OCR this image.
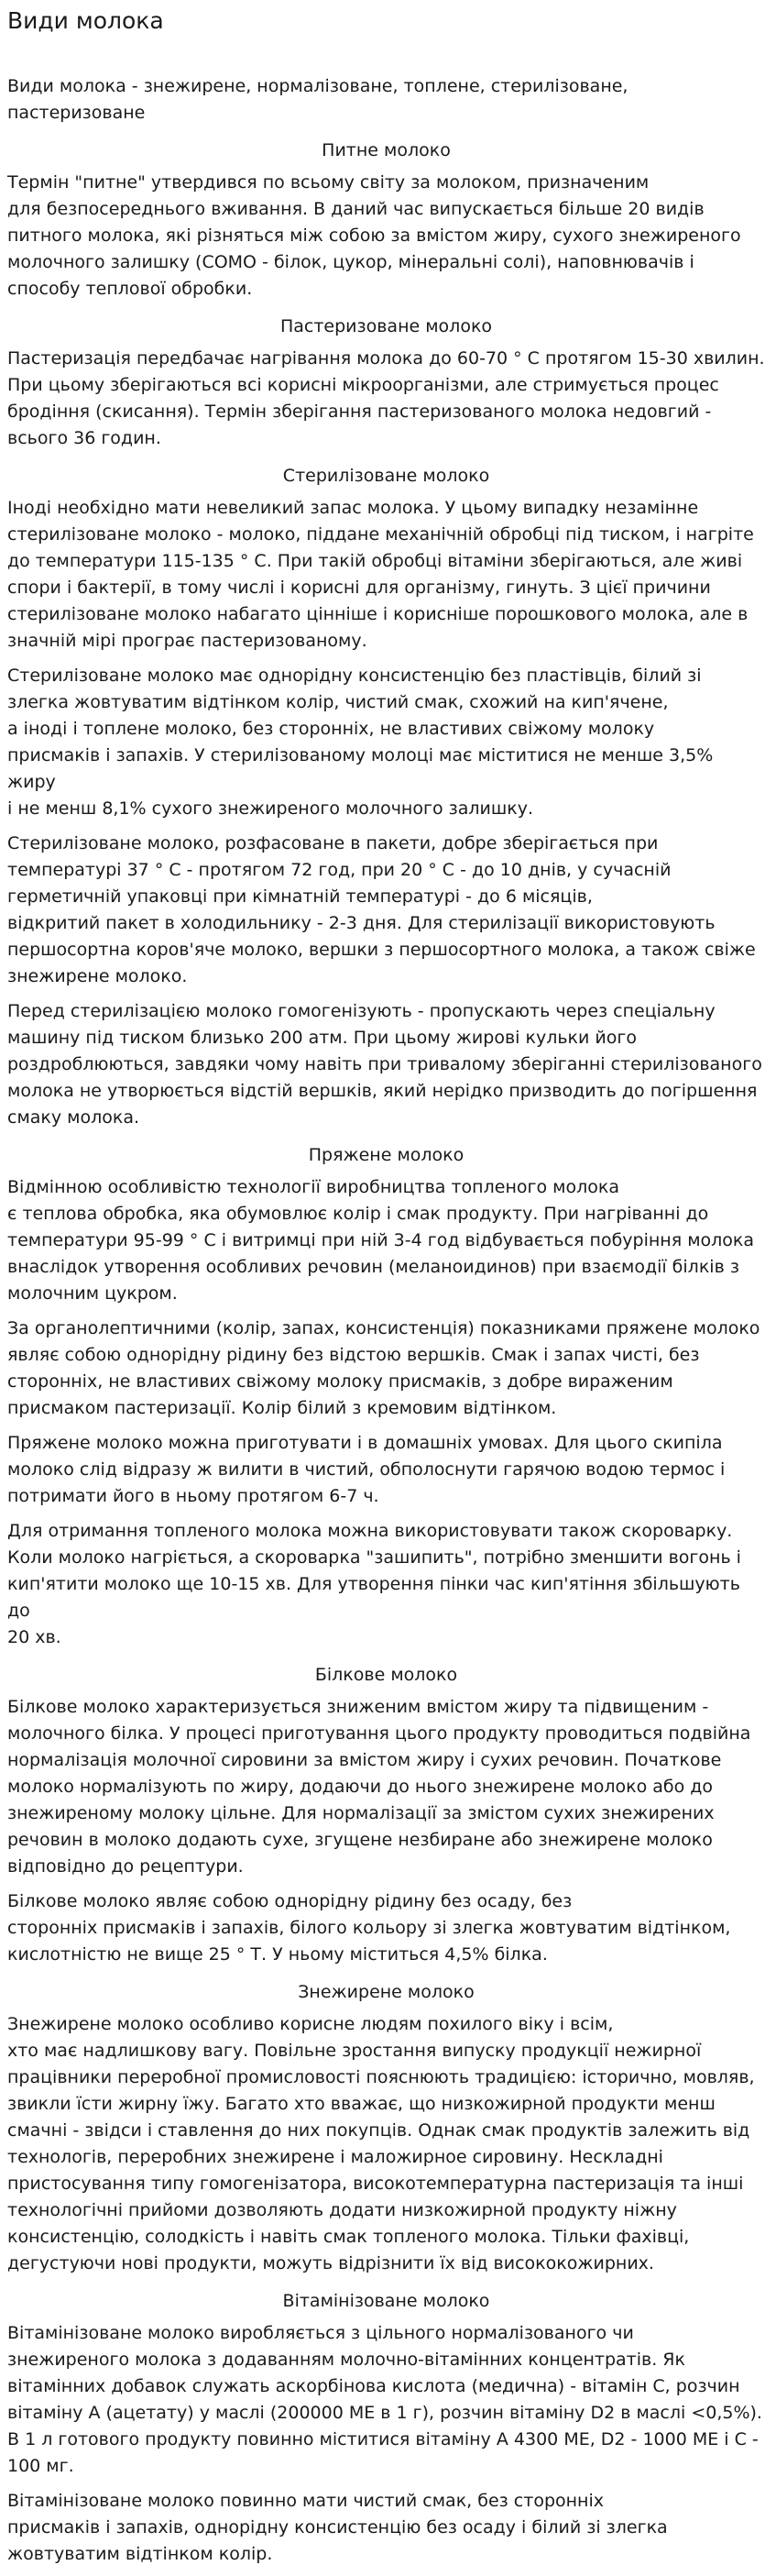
Види молока

Види молока - знежирене, нормалізоване, топлене, стерилізоване,
пастеризоване

Питне молоко

Термін "питне" утвердився по всьому світу за молоком, призначеним
для безпосереднього вживання. В даний час випускається більше 20 видів
питного молока, які різняться між собою за вмістом жиру, сухого знежиреного
молочного залишку (СОМО - білок, цукор, мінеральні солі), наповнювачів і
способу теплової обробки.

Пастеризоване молоко

Пастеризація передбачає нагрівання молока до 60-70 ° С протягом 15-30 хвилин.
При цьому зберігаються всі корисні мікроорганізми, але стримується процес
бродіння (скисання). Термін зберігання пастеризованого молока недовгий -
всього 36 годин.

Стерилізоване молоко

Іноді необхідно мати невеликий запас молока. У цьому випадку незамінне
стерилізоване молоко - молоко, піддане механічній обробці під тиском, і нагріте
до температури 115-135 ° С. При такій обробці вітаміни зберігаються, але живі
спори і бактерії, в тому числі і корисні для організму, гинуть. З цієї причини
стерилізоване молоко набагато цінніше і корисніше порошкового молока, але в
значній мірі програє пастеризованому.

Стерилізоване молоко має однорідну консистенцію без пластівців, білий зі
злегка жовтуватим відтінком колір, чистий смак, схожий на кип'ячене,
а іноді і топлене молоко, без сторонніх, не властивих свіжому молоку
присмаків і запахів. У стерилізованому молоці має міститися не менше 3,5% жиру
і не менш 8,1% сухого знежиреного молочного залишку.

Стерилізоване молоко, розфасоване в пакети, добре зберігається при
температурі 37 ° С - протягом 72 год, при 20 ° С - до 10 днів, у сучасній
герметичній упаковці при кімнатній температурі - до 6 місяців,
відкритий пакет в холодильнику - 2-3 дня. Для стерилізації використовують
першосортна коров'яче молоко, вершки з першосортного молока, а також свіже
знежирене молоко.

Перед стерилізацією молоко гомогенізують - пропускають через спеціальну
машину під тиском близько 200 атм. При цьому жирові кульки його
роздроблюються, завдяки чому навіть при тривалому зберіганні стерилізованого
молока не утворюється відстій вершків, який нерідко призводить до погіршення
смаку молока.

Пряжене молоко

Відмінною особливістю технології виробництва топленого молока
є теплова обробка, яка обумовлює колір і смак продукту. При нагріванні до
температури 95-99 ° С і витримці при ній 3-4 год відбувається побуріння молока
внаслідок утворення особливих речовин (меланоидинов) при взаємодії білків з
молочним цукром.

За органолептичними (колір, запах, консистенція) показниками пряжене молоко
являє собою однорідну рідину без відстою вершків. Смак і запах чисті, без
сторонніх, не властивих свіжому молоку присмаків, з добре вираженим
присмаком пастеризації. Колір білий з кремовим відтінком.

Пряжене молоко можна приготувати і в домашніх умовах. Для цього скипіла
молоко слід відразу ж вилити в чистий, обполоснути гарячою водою термос і
потримати його в ньому протягом 6-7 ч.

Для отримання топленого молока можна використовувати також скороварку.
Коли молоко нагріється, а скороварка "зашипить", потрібно зменшити вогонь і
кип'ятити молоко ще 10-15 хв. Для утворення пінки час кип'ятіння збільшують до
20 хв.

Білкове молоко

Білкове молоко характеризується зниженим вмістом жиру та підвищеним -
молочного білка. У процесі приготування цього продукту проводиться подвійна
нормалізація молочної сировини за вмістом жиру і сухих речовин. Початкове
молоко нормалізують по жиру, додаючи до нього знежирене молоко або до
знежиреному молоку цільне. Для нормалізації за змістом сухих знежирених
речовин в молоко додають сухе, згущене незбиране або знежирене молоко
відповідно до рецептури.

Білкове молоко являє собою однорідну рідину без осаду, без
сторонніх присмаків і запахів, білого кольору зі злегка жовтуватим відтінком,
кислотністю не вище 25 ° Т. У ньому міститься 4,5% білка.

Знежирене молоко

Знежирене молоко особливо корисне людям похилого віку і всім,
хто має надлишкову вагу. Повільне зростання випуску продукції нежирної
працівники переробної промисловості пояснюють традицією: історично, мовляв,
звикли їсти жирну їжу. Багато хто вважає, що низкожирной продукти менш
смачні - звідси і ставлення до них покупців. Однак смак продуктів залежить від
технологів, переробних знежирене і маложирное сировину. Нескладні
пристосування типу гомогенізатора, високотемпературна пастеризація та інші
технологічні прийоми дозволяють додати низкожирной продукту ніжну
консистенцію, солодкість і навіть смак топленого молока. Тільки фахівці,
дегустуючи нові продукти, можуть відрізнити їх від висококожирних.

Вітамінізоване молоко

Вітамінізоване молоко виробляється з цільного нормалізованого чи
знежиреного молока з додаванням молочно-вітамінних концентратів. Як
вітамінних добавок служать аскорбінова кислота (медична) - вітамін С, розчин
вітаміну А (ацетату) у маслі (200000 МЕ в 1 г), розчин вітаміну D2 в маслі <0,5%).
В 1 л готового продукту повинно міститися вітаміну А 4300 МЕ, D2 - 1000 МЕ і С -
100 мг.

Вітамінізоване молоко повинно мати чистий смак, без сторонніх
присмаків і запахів, однорідну консистенцію без осаду і білий зі злегка
жовтуватим відтінком колір.
